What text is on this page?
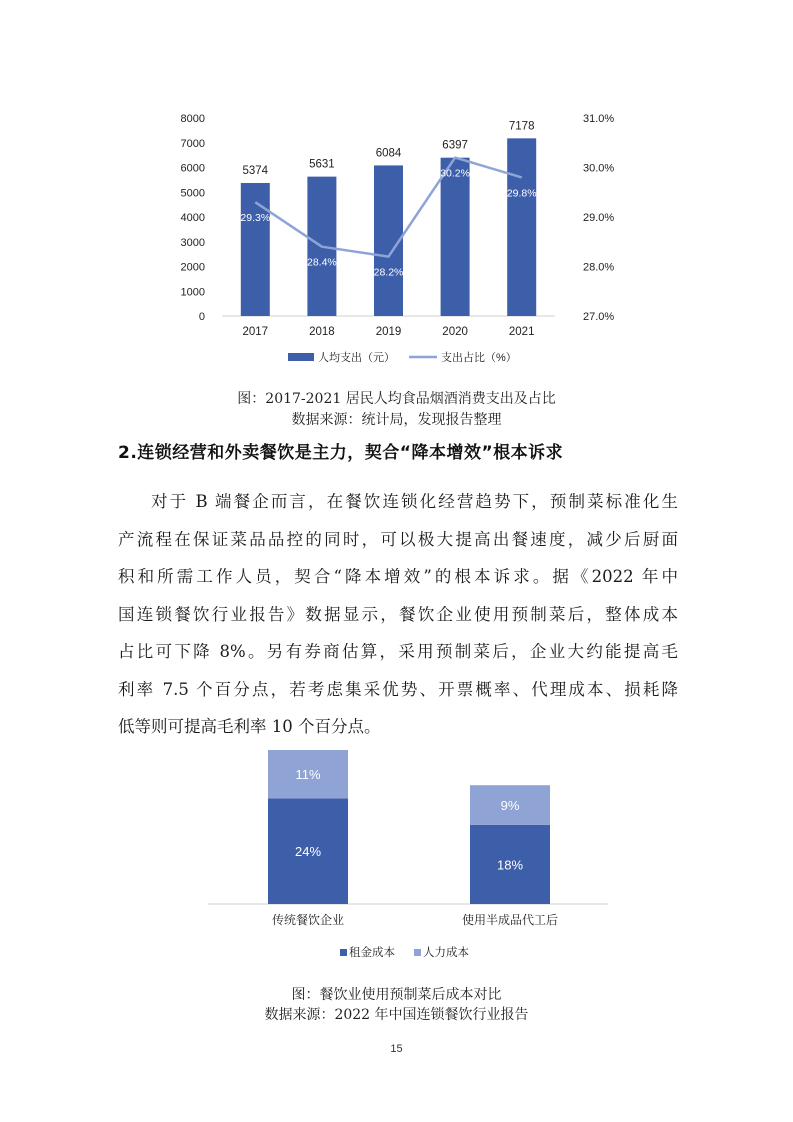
0
1000
2000
3000
4000
5000
6000
7000
8000
27.0%
28.0%
29.0%
30.0%
31.0%
5374
2017
5631
2018
6084
2019
6397
2020
7178
2021
29.3%
28.4%
28.2%
30.2%
29.8%
人均支出（元）	支出占比（%）
图：2017-2021 居民人均食品烟酒消费支出及占比
数据来源：统计局，发现报告整理
2.连锁经营和外卖餐饮是主力，契合“降本增效”根本诉求
对于 B 端餐企而言，在餐饮连锁化经营趋势下，预制菜标准化生
产流程在保证菜品品控的同时，可以极大提高出餐速度，减少后厨面
积和所需工作人员，契合“降本增效”的根本诉求。据《2022 年中
国连锁餐饮行业报告》数据显示，餐饮企业使用预制菜后，整体成本
占比可下降 8%。另有券商估算，采用预制菜后，企业大约能提高毛
利率 7.5 个百分点，若考虑集采优势、开票概率、代理成本、损耗降
低等则可提高毛利率 10 个百分点。
24%
11%
传统餐饮企业
18%
9%
使用半成品代工后
租金成本 人力成本
图：餐饮业使用预制菜后成本对比
数据来源：2022 年中国连锁餐饮行业报告
15
